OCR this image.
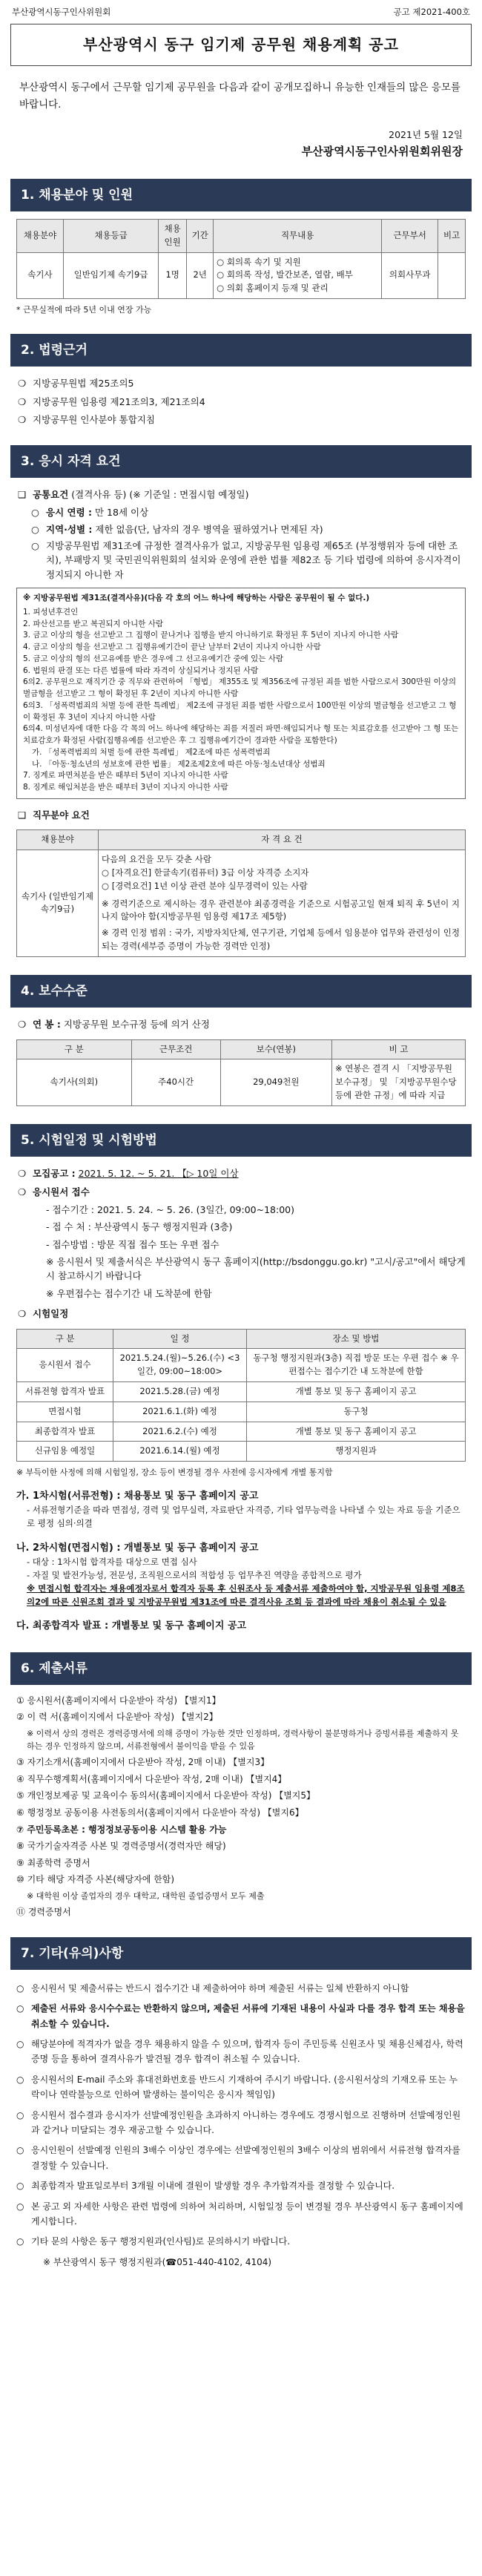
부산광역시동구인사위원회	공고 제2021-400호
부산광역시 동구 임기제 공무원 채용계획 공고

부산광역시 동구에서 근무할 임기제 공무원을 다음과 같이 공개모집하니 유능한 인재들의 많은 응모를 바랍니다.

2021년 5월 12일

부산광역시동구인사위원회위원장

1. 채용분야 및 인원
채용분야	채용등급	채용인원	기간	직무내용	근무부서	비고
속기사	일반임기제 속기9급	1명	2년	○ 회의록 속기 및 지원
○ 회의록 작성, 발간보존, 열람, 배부
○ 의회 홈페이지 등재 및 관리	의회사무과	

* 근무실적에 따라 5년 이내 연장 가능

2. 법령근거
❍ 지방공무원법 제25조의5
❍ 지방공무원 임용령 제21조의3, 제21조의4
❍ 지방공무원 인사분야 통합지침
3. 응시 자격 요건
❑ 공통요건 (결격사유 등) (※ 기준일 : 면접시험 예정일)
○ 응시 연령 : 만 18세 이상
○ 지역·성별 : 제한 없음(단, 남자의 경우 병역을 필하였거나 면제된 자)
○ 지방공무원법 제31조에 규정한 결격사유가 없고, 지방공무원 임용령 제65조 (부정행위자 등에 대한 조치), 부패방지 및 국민권익위원회의 설치와 운영에 관한 법률 제82조 등 기타 법령에 의하여 응시자격이 정지되지 아니한 자
※ 지방공무원법 제31조(결격사유)(다음 각 호의 어느 하나에 해당하는 사람은 공무원이 될 수 없다.)
1. 피성년후견인
2. 파산선고를 받고 복권되지 아니한 사람
3. 금고 이상의 형을 선고받고 그 집행이 끝나거나 집행을 받지 아니하기로 확정된 후 5년이 지나지 아니한 사람
4. 금고 이상의 형을 선고받고 그 집행유예기간이 끝난 날부터 2년이 지나지 아니한 사람
5. 금고 이상의 형의 선고유예를 받은 경우에 그 선고유예기간 중에 있는 사람
6. 법원의 판결 또는 다른 법률에 따라 자격이 상실되거나 정지된 사람
6의2. 공무원으로 재직기간 중 직무와 관련하여 「형법」 제355조 및 제356조에 규정된 죄를 범한 사람으로서 300만원 이상의 벌금형을 선고받고 그 형이 확정된 후 2년이 지나지 아니한 사람
6의3. 「성폭력범죄의 처벌 등에 관한 특례법」 제2조에 규정된 죄를 범한 사람으로서 100만원 이상의 벌금형을 선고받고 그 형이 확정된 후 3년이 지나지 아니한 사람
6의4. 미성년자에 대한 다음 각 목의 어느 하나에 해당하는 죄를 저질러 파면·해임되거나 형 또는 치료감호를 선고받아 그 형 또는 치료감호가 확정된 사람(집행유예를 선고받은 후 그 집행유예기간이 경과한 사람을 포함한다)
가. 「성폭력범죄의 처벌 등에 관한 특례법」 제2조에 따른 성폭력범죄
나. 「아동·청소년의 성보호에 관한 법률」 제2조제2호에 따른 아동·청소년대상 성범죄
7. 징계로 파면처분을 받은 때부터 5년이 지나지 아니한 사람
8. 징계로 해임처분을 받은 때부터 3년이 지나지 아니한 사람
❑ 직무분야 요건
채용분야	자 격 요 건
속기사 (일반임기제 속기9급)	다음의 요건을 모두 갖춘 사람
○ [자격요건] 한글속기(컴퓨터) 3급 이상 자격증 소지자
○ [경력요건] 1년 이상 관련 분야 실무경력이 있는 사람
※ 경력기준으로 제시하는 경우 관련분야 최종경력을 기준으로 시험공고일 현재 퇴직 후 5년이 지나지 않아야 함(지방공무원 임용령 제17조 제5항)
※ 경력 인정 범위 : 국가, 지방자치단체, 연구기관, 기업체 등에서 임용분야 업무와 관련성이 인정되는 경력(세부증 증명이 가능한 경력만 인정)
4. 보수수준
❍ 연 봉 : 지방공무원 보수규정 등에 의거 산정
구 분	근무조건	보수(연봉)	비 고
속기사(의회)	주40시간	29,049천원	※ 연봉은 결격 시 「지방공무원 보수규정」 및 「지방공무원수당 등에 관한 규정」에 따라 지급
5. 시험일정 및 시험방법
❍ 모집공고 : 2021. 5. 12. ~ 5. 21. 【▷ 10일 이상
❍ 응시원서 접수
- 접수기간 : 2021. 5. 24. ~ 5. 26. (3일간, 09:00~18:00)
- 접 수 처 : 부산광역시 동구 행정지원과 (3층)
- 접수방법 : 방문 직접 접수 또는 우편 접수
※ 응시원서 및 제출서식은 부산광역시 동구 홈페이지(http://bsdonggu.go.kr) "고시/공고"에서 해당게시 참고하시기 바랍니다
※ 우편접수는 접수기간 내 도착분에 한함
❍ 시험일정
구 분	일 정	장소 및 방법
응시원서 접수	2021.5.24.(월)~5.26.(수) <3일간, 09:00~18:00>	동구청 행정지원과(3층) 직접 방문 또는 우편 접수 ※ 우편접수는 접수기간 내 도착분에 한함
서류전형 합격자 발표	2021.5.28.(금) 예정	개별 통보 및 동구 홈페이지 공고
면접시험	2021.6.1.(화) 예정	동구청
최종합격자 발표	2021.6.2.(수) 예정	개별 통보 및 동구 홈페이지 공고
신규임용 예정일	2021.6.14.(월) 예정	행정지원과

※ 부득이한 사정에 의해 시험일정, 장소 등이 변경될 경우 사전에 응시자에게 개별 통지함

가. 1차시험(서류전형) : 채용통보 및 동구 홈페이지 공고
- 서류전형기준을 따라 면접성, 경력 및 업무실력, 자료판단 자격증, 기타 업무능력을 나타낼 수 있는 자료 등을 기준으로 평정 심의·의결
나. 2차시험(면접시험) : 개별통보 및 동구 홈페이지 공고
- 대상 : 1차시험 합격자를 대상으로 면접 심사
- 자질 및 발전가능성, 전문성, 조직원으로서의 적합성 등 업무추진 역량을 종합적으로 평가
※ 면접시험 합격자는 채용예정자로서 합격자 등록 후 신원조사 등 제출서류 제출하여야 함, 지방공무원 임용령 제8조의2에 따른 신원조회 결과 및 지방공무원법 제31조에 따른 결격사유 조회 등 결과에 따라 채용이 취소될 수 있음
다. 최종합격자 발표 : 개별통보 및 동구 홈페이지 공고
6. 제출서류
① 응시원서(홈페이지에서 다운받아 작성) 【별지1】
② 이 력 서(홈페이지에서 다운받아 작성) 【별지2】
※ 이력서 상의 경력은 경력증명서에 의해 증명이 가능한 것만 인정하며, 경력사항이 불분명하거나 증빙서류를 제출하지 못하는 경우 인정하지 않으며, 서류전형에서 불이익을 받을 수 있음
③ 자기소개서(홈페이지에서 다운받아 작성, 2매 이내) 【별지3】
④ 직무수행계획서(홈페이지에서 다운받아 작성, 2매 이내) 【별지4】
⑤ 개인정보제공 및 교육이수 동의서(홈페이지에서 다운받아 작성) 【별지5】
⑥ 행정정보 공동이용 사전동의서(홈페이지에서 다운받아 작성) 【별지6】
⑦ 주민등록초본 : 행정정보공동이용 시스템 활용 가능
⑧ 국가기술자격증 사본 및 경력증명서(경력자만 해당)
⑨ 최종학력 증명서
⑩ 기타 해당 자격증 사본(해당자에 한함)
※ 대학원 이상 졸업자의 경우 대학교, 대학원 졸업증명서 모두 제출
⑪ 경력증명서
7. 기타(유의)사항
○ 응시원서 및 제출서류는 반드시 접수기간 내 제출하여야 하며 제출된 서류는 일체 반환하지 아니함
○ 제출된 서류와 응시수수료는 반환하지 않으며, 제출된 서류에 기재된 내용이 사실과 다를 경우 합격 또는 채용을 취소할 수 있습니다.
○ 해당분야에 적격자가 없을 경우 채용하지 않을 수 있으며, 합격자 등이 주민등록 신원조사 및 채용신체검사, 학력증명 등을 통하여 결격사유가 발견될 경우 합격이 취소될 수 있습니다.
○ 응시원서의 E-mail 주소와 휴대전화번호를 반드시 기재하여 주시기 바랍니다. (응시원서상의 기재오류 또는 누락이나 연락불능으로 인하여 발생하는 불이익은 응시자 책임임)
○ 응시원서 접수결과 응시자가 선발예정인원을 초과하지 아니하는 경우에도 경쟁시험으로 진행하며 선발예정인원과 같거나 미달되는 경우 재공고할 수 있습니다.
○ 응시인원이 선발예정 인원의 3배수 이상인 경우에는 선발예정인원의 3배수 이상의 범위에서 서류전형 합격자를 결정할 수 있습니다.
○ 최종합격자 발표일로부터 3개월 이내에 결원이 발생할 경우 추가합격자를 결정할 수 있습니다.
○ 본 공고 외 자세한 사항은 관련 법령에 의하여 처리하며, 시험일정 등이 변경될 경우 부산광역시 동구 홈페이지에 게시합니다.
○ 기타 문의 사항은 동구 행정지원과(인사팀)로 문의하시기 바랍니다.
※ 부산광역시 동구 행정지원과(☎051-440-4102, 4104)
